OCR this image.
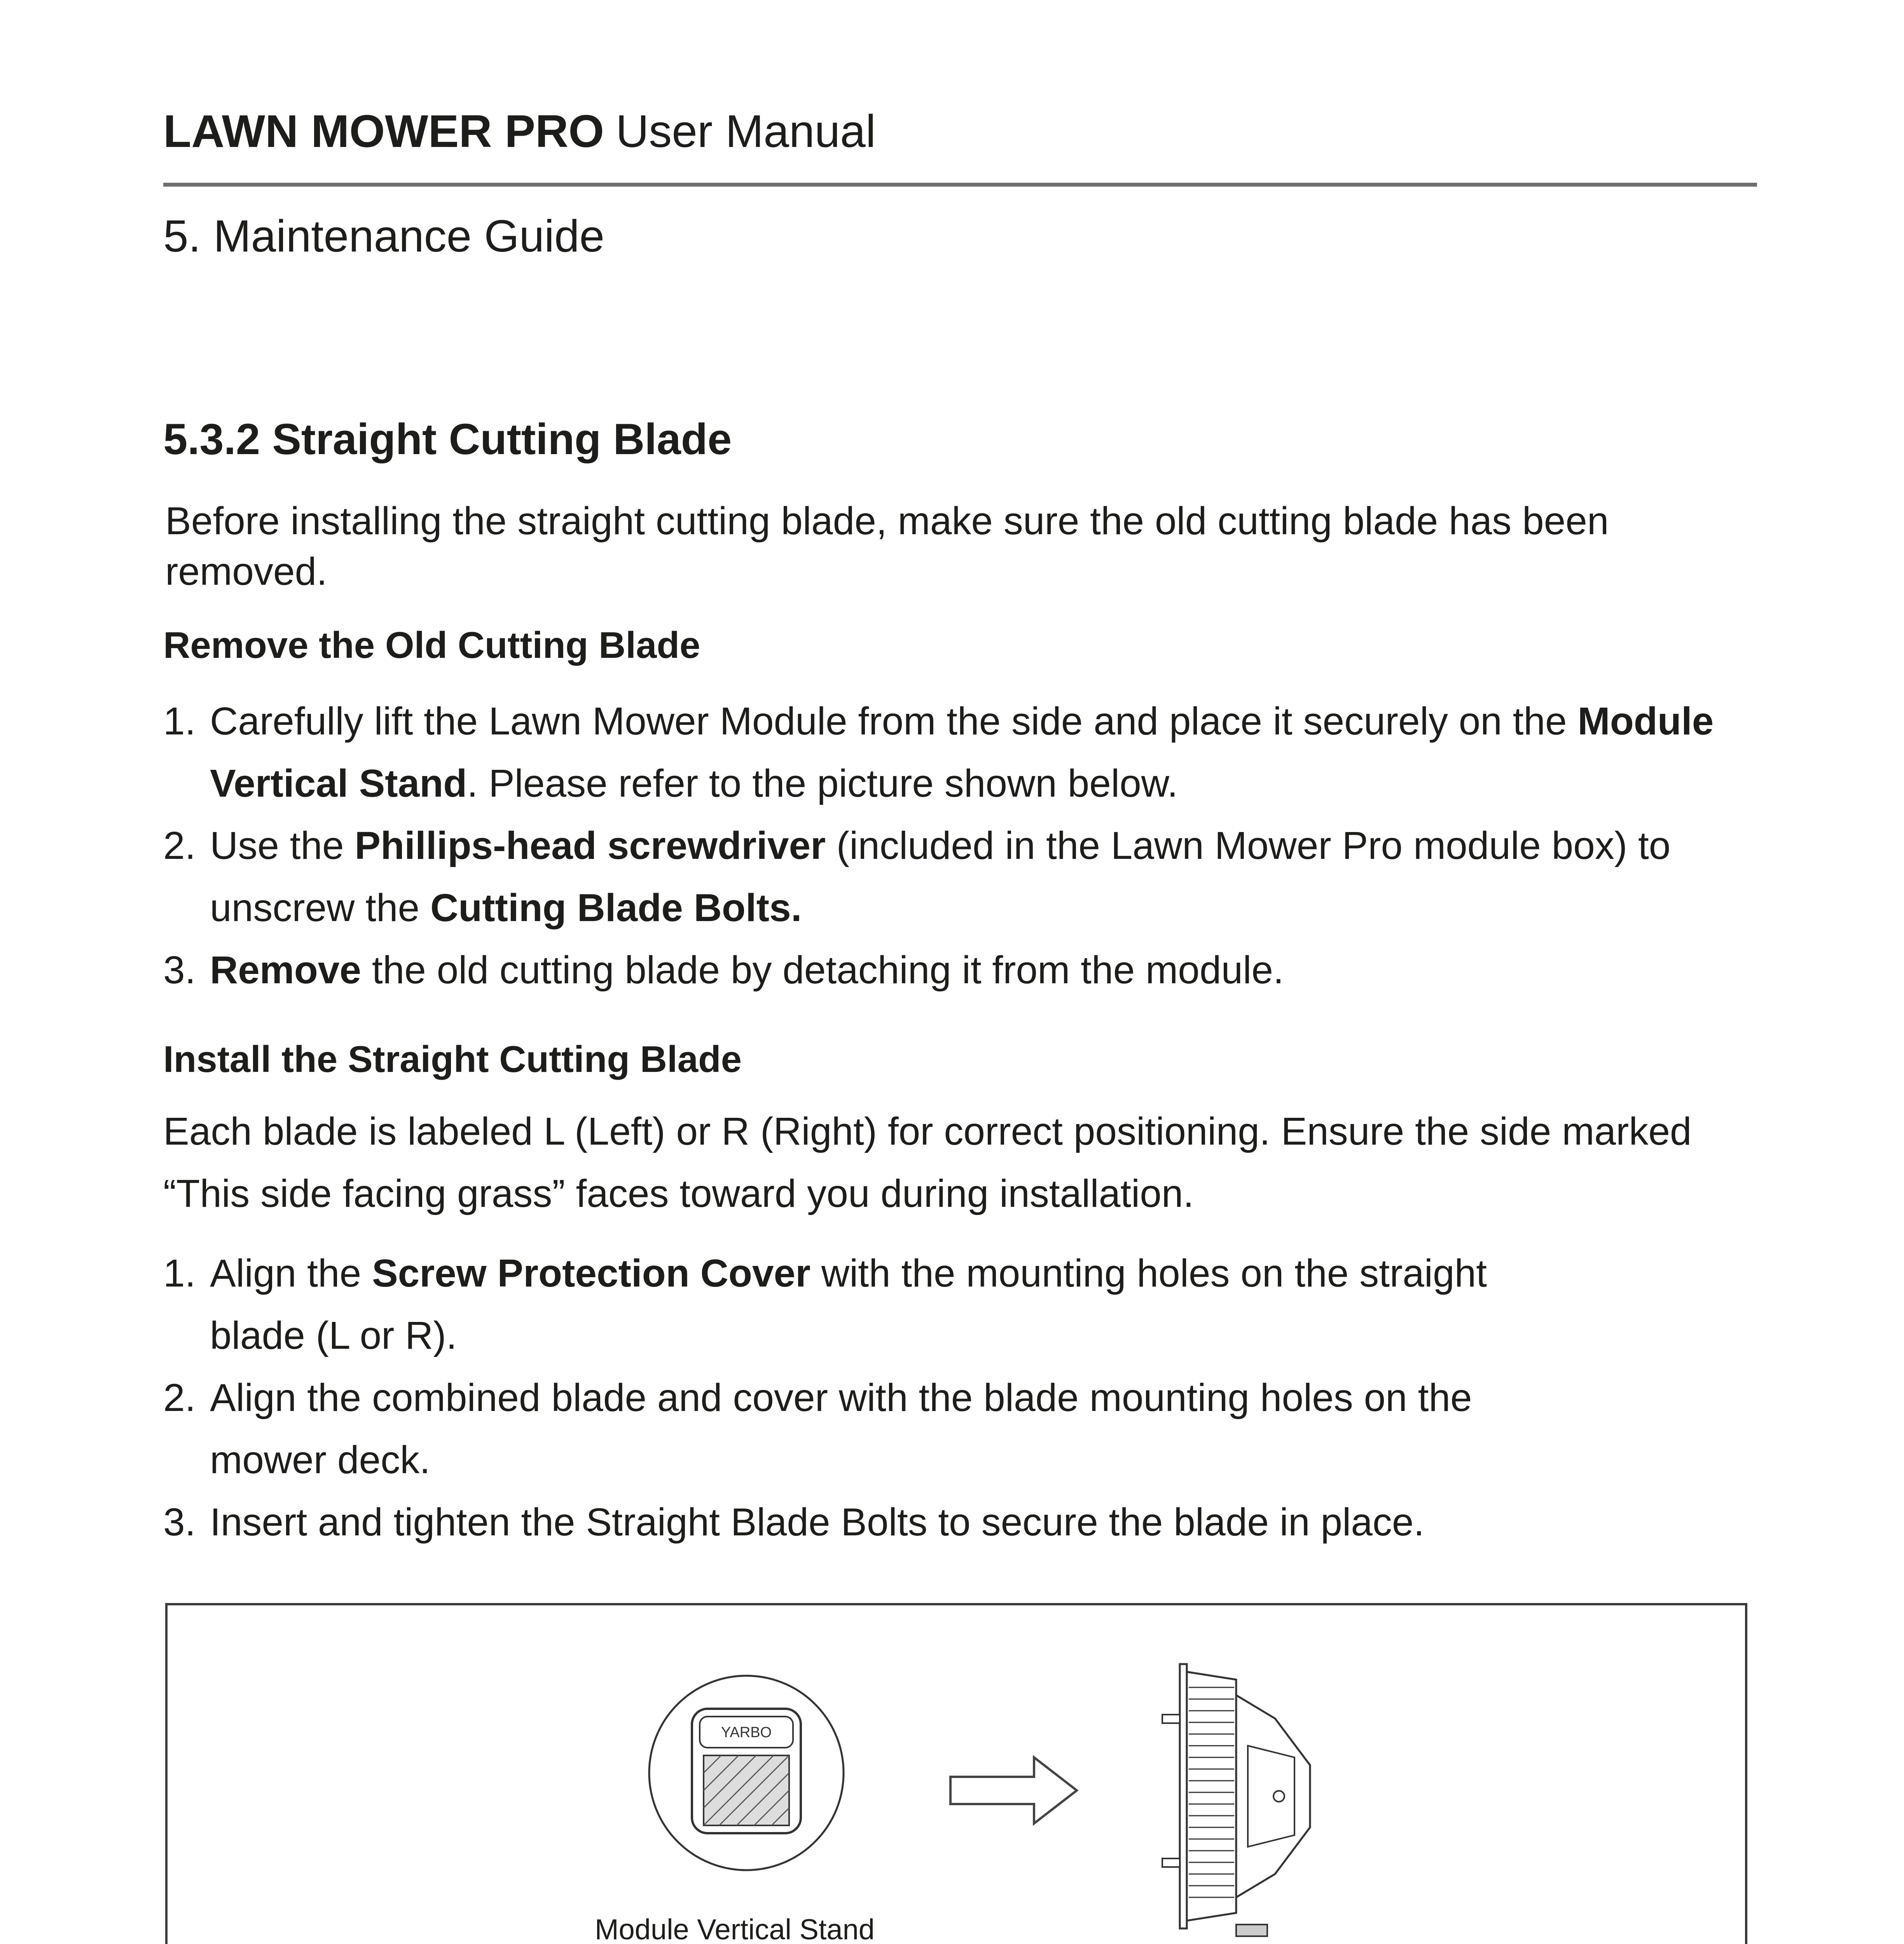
LAWN MOWER PRO User Manual
5. Maintenance Guide
5.3.2 Straight Cutting Blade
Before installing the straight cutting blade, make sure the old cutting blade has been removed.
Remove the Old Cutting Blade
1. Carefully lift the Lawn Mower Module from the side and place it securely on the Module Vertical Stand. Please refer to the picture shown below.
2. Use the Phillips-head screwdriver (included in the Lawn Mower Pro module box) to unscrew the Cutting Blade Bolts.
3. Remove the old cutting blade by detaching it from the module.
Install the Straight Cutting Blade
Each blade is labeled L (Left) or R (Right) for correct positioning. Ensure the side marked “This side facing grass” faces toward you during installation.
1. Align the Screw Protection Cover with the mounting holes on the straight blade (L or R).
2. Align the combined blade and cover with the blade mounting holes on the mower deck.
3. Insert and tighten the Straight Blade Bolts to secure the blade in place.
YARBO
Module Vertical Stand
